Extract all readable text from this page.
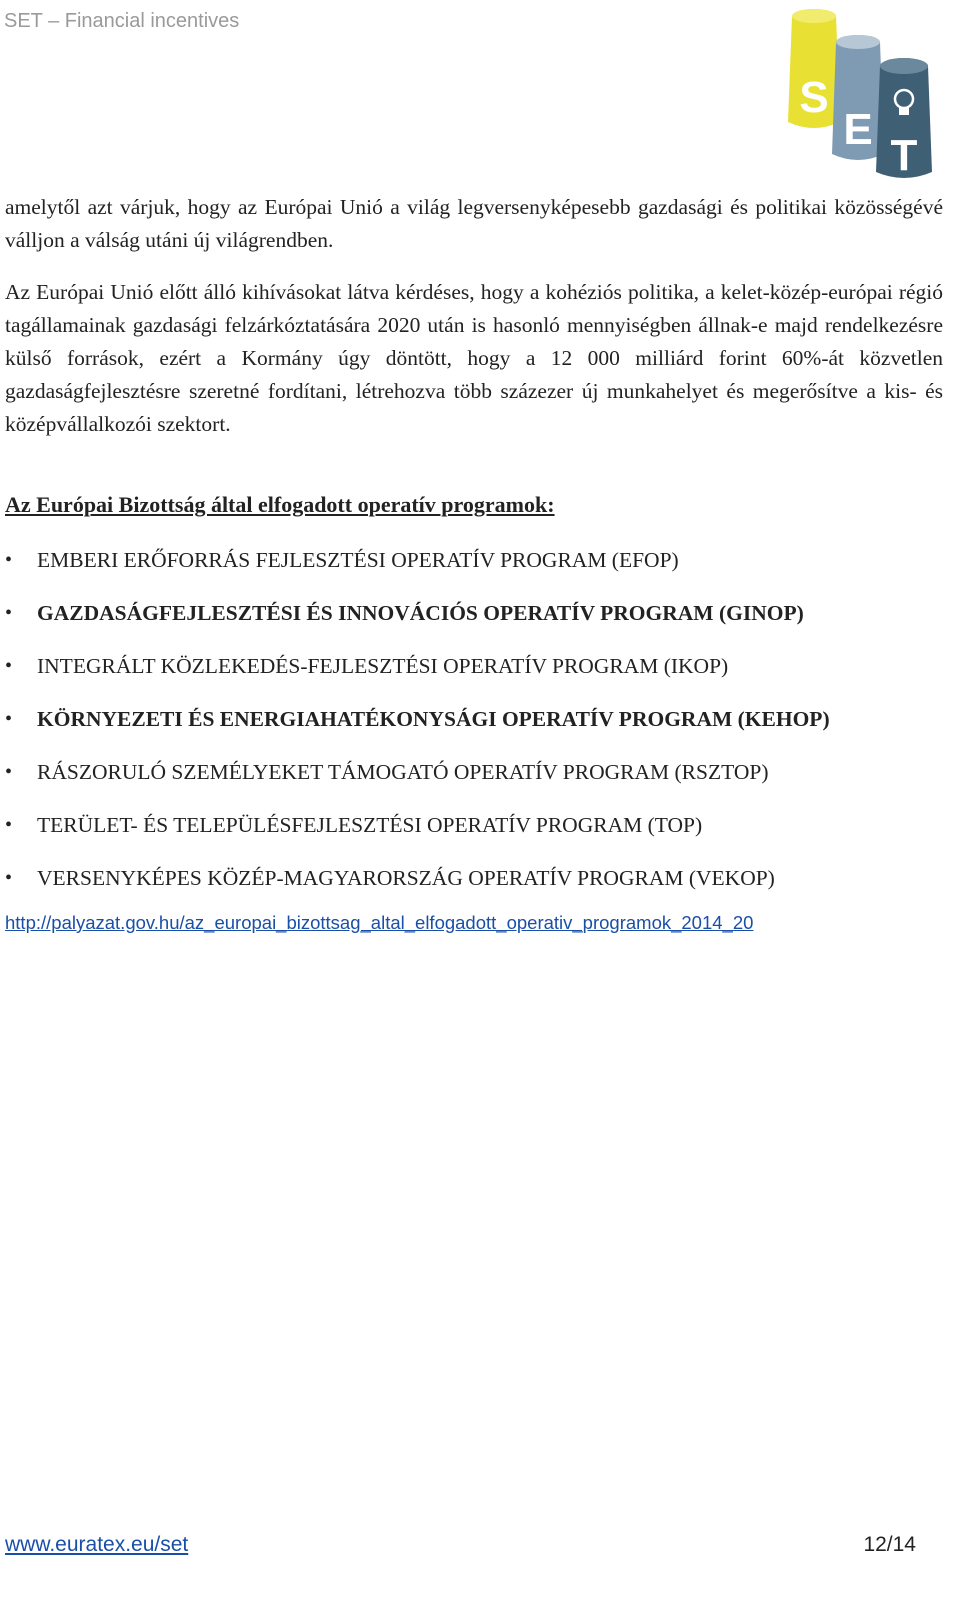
SET – Financial incentives
S
E
T

amelytől azt várjuk, hogy az Európai Unió a világ legversenyképesebb gazdasági és politikai közösségévé válljon a válság utáni új világrendben.

Az Európai Unió előtt álló kihívásokat látva kérdéses, hogy a kohéziós politika, a kelet-közép-európai régió tagállamainak gazdasági felzárkóztatására 2020 után is hasonló mennyiségben állnak-e majd rendelkezésre külső források, ezért a Kormány úgy döntött, hogy a 12 000 milliárd forint 60%-át közvetlen gazdaságfejlesztésre szeretné fordítani, létrehozva több százezer új munkahelyet és megerősítve a kis- és középvállalkozói szektort.

Az Európai Bizottság által elfogadott operatív programok:
•	EMBERI ERŐFORRÁS FEJLESZTÉSI OPERATÍV PROGRAM (EFOP)
•	GAZDASÁGFEJLESZTÉSI ÉS INNOVÁCIÓS OPERATÍV PROGRAM (GINOP)
•	INTEGRÁLT KÖZLEKEDÉS-FEJLESZTÉSI OPERATÍV PROGRAM (IKOP)
•	KÖRNYEZETI ÉS ENERGIAHATÉKONYSÁGI OPERATÍV PROGRAM (KEHOP)
•	RÁSZORULÓ SZEMÉLYEKET TÁMOGATÓ OPERATÍV PROGRAM (RSZTOP)
•	TERÜLET- ÉS TELEPÜLÉSFEJLESZTÉSI OPERATÍV PROGRAM (TOP)
•	VERSENYKÉPES KÖZÉP-MAGYARORSZÁG OPERATÍV PROGRAM (VEKOP)
http://palyazat.gov.hu/az_europai_bizottsag_altal_elfogadott_operativ_programok_2014_20
www.euratex.eu/set	12/14
